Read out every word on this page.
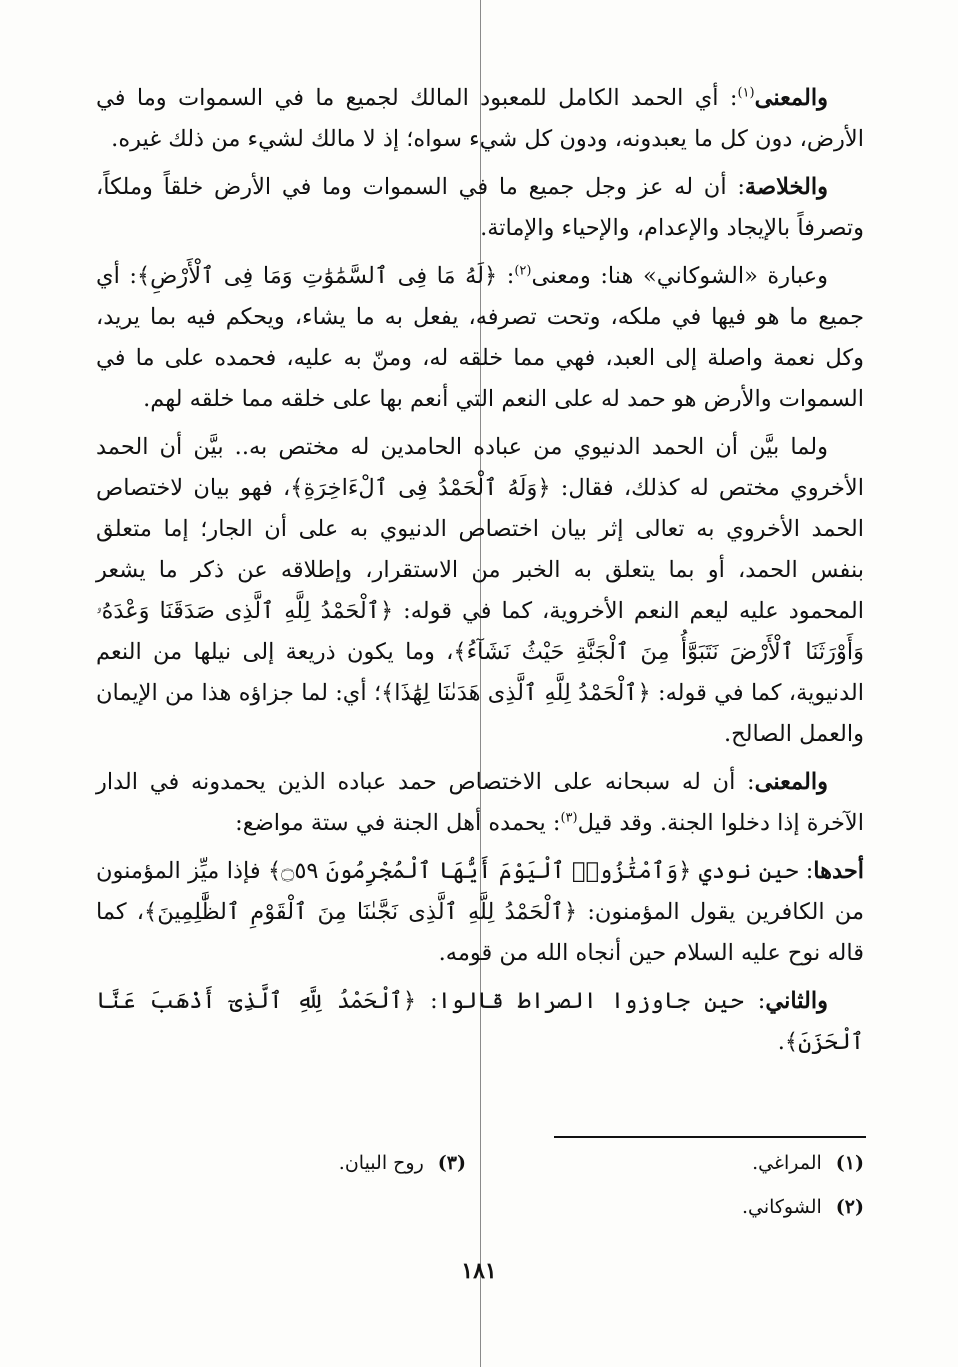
والمعنى$^{(١)}$: أي الحمد الكامل للمعبود المالك لجميع ما في السموات وما في الأرض، دون كل ما يعبدونه، ودون كل شيء سواه؛ إذ لا مالك لشيء من ذلك غيره.

والخلاصة: أن له عز وجل جميع ما في السموات وما في الأرض خلقاً وملكاً، وتصرفاً بالإيجاد والإعدام، والإحياء والإماتة.

وعبارة «الشوكاني» هنا: ومعنى$^{(٢)}$: ﴿لَهُ مَا فِى ٱلسَّمَٰوَٰتِ وَمَا فِى ٱلْأَرْضِ﴾: أي جميع ما هو فيها في ملكه، وتحت تصرفه، يفعل به ما يشاء، ويحكم فيه بما يريد، وكل نعمة واصلة إلى العبد، فهي مما خلقه له، ومنّ به عليه، فحمده على ما في السموات والأرض هو حمد له على النعم التي أنعم بها على خلقه مما خلقه لهم.

ولما بيَّن أن الحمد الدنيوي من عباده الحامدين له مختص به.. بيَّن أن الحمد الأخروي مختص له كذلك، فقال: ﴿وَلَهُ ٱلْحَمْدُ فِى ٱلْءَاخِرَةِ﴾، فهو بيان لاختصاص الحمد الأخروي به تعالى إثر بيان اختصاص الدنيوي به على أن الجار؛ إما متعلق بنفس الحمد، أو بما يتعلق به الخبر من الاستقرار، وإطلاقه عن ذكر ما يشعر المحمود عليه ليعم النعم الأخروية، كما في قوله: ﴿ٱلْحَمْدُ لِلَّهِ ٱلَّذِى صَدَقَنَا وَعْدَهُۥ وَأَوْرَثَنَا ٱلْأَرْضَ نَتَبَوَّأُ مِنَ ٱلْجَنَّةِ حَيْثُ نَشَآءُ﴾، وما يكون ذريعة إلى نيلها من النعم الدنيوية، كما في قوله: ﴿ٱلْحَمْدُ لِلَّهِ ٱلَّذِى هَدَىٰنَا لِهَٰذَا﴾؛ أي: لما جزاؤه هذا من الإيمان والعمل الصالح.

والمعنى: أن له سبحانه على الاختصاص حمد عباده الذين يحمدونه في الدار الآخرة إذا دخلوا الجنة. وقد قيل$^{(٣)}$: يحمده أهل الجنة في ستة مواضع:

أحدها: حين نودي ﴿وَٱمْتَٰزُوا۟ ٱلْيَوْمَ أَيُّهَا ٱلْمُجْرِمُونَ ۝٥٩﴾ فإذا ميِّز المؤمنون من الكافرين يقول المؤمنون: ﴿ٱلْحَمْدُ لِلَّهِ ٱلَّذِى نَجَّىٰنَا مِنَ ٱلْقَوْمِ ٱلظَّٰلِمِينَ﴾، كما قاله نوح عليه السلام حين أنجاه الله من قومه.

والثاني: حين جاوزوا الصراط قالوا: ﴿ٱلْحَمْدُ لِلَّهِ ٱلَّذِىٓ أَذْهَبَ عَنَّا ٱلْحَزَنَ﴾.

(١)المراغي.
(٢)الشوكاني.
(٣)روح البيان.
١٨١
